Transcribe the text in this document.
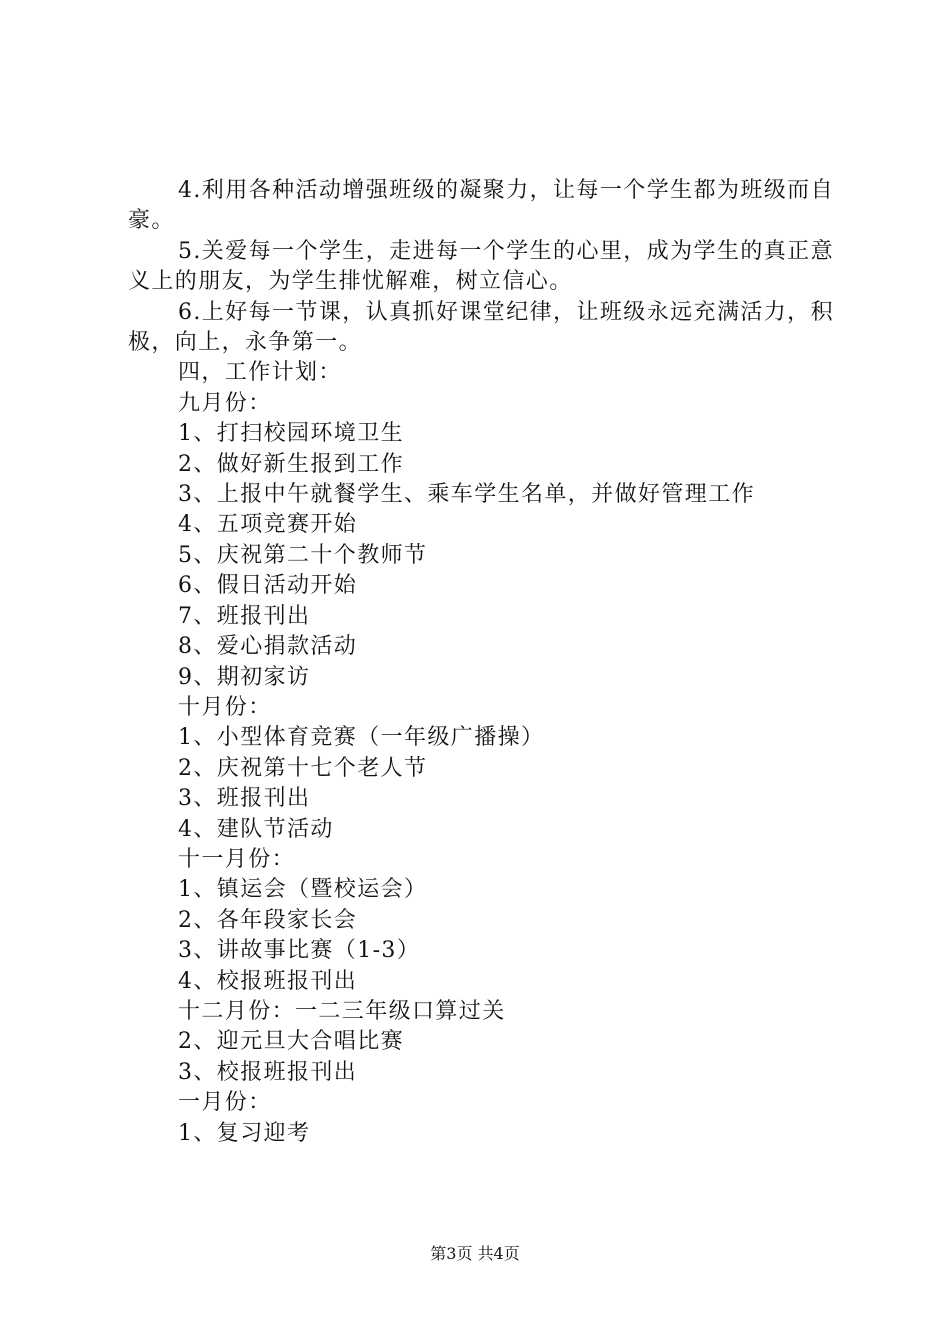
4.利用各种活动增强班级的凝聚力，让每一个学生都为班级而自豪。

5.关爱每一个学生，走进每一个学生的心里，成为学生的真正意义上的朋友，为学生排忧解难，树立信心。

6.上好每一节课，认真抓好课堂纪律，让班级永远充满活力，积极，向上，永争第一。

四，工作计划：

九月份：

1、打扫校园环境卫生

2、做好新生报到工作

3、上报中午就餐学生、乘车学生名单，并做好管理工作

4、五项竞赛开始

5、庆祝第二十个教师节

6、假日活动开始

7、班报刊出

8、爱心捐款活动

9、期初家访

十月份：

1、小型体育竞赛（一年级广播操）

2、庆祝第十七个老人节

3、班报刊出

4、建队节活动

十一月份：

1、镇运会（暨校运会）

2、各年段家长会

3、讲故事比赛（1-3）

4、校报班报刊出

十二月份：一二三年级口算过关

2、迎元旦大合唱比赛

3、校报班报刊出

一月份：

1、复习迎考

第3页 共4页
